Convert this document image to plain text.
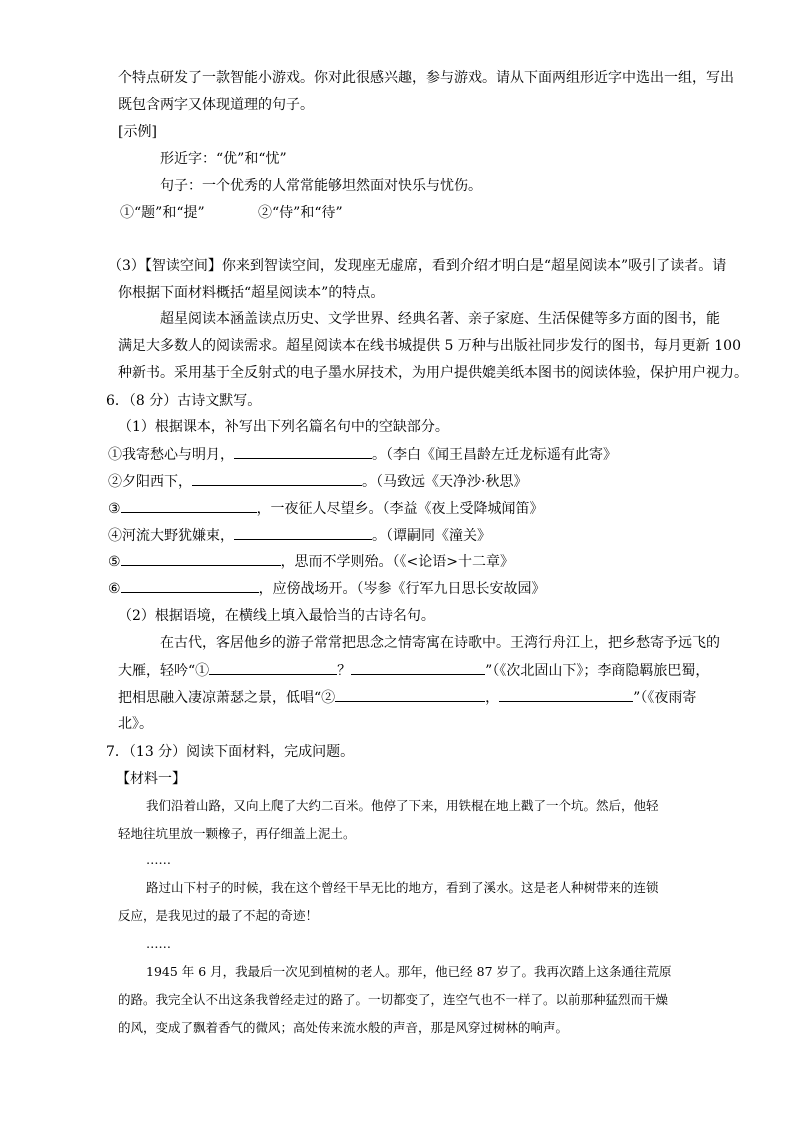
个特点研发了一款智能小游戏。你对此很感兴趣，参与游戏。请从下面两组形近字中选出一组，写出
既包含两字又体现道理的句子。
[示例]
形近字：“优”和“忧”
句子：一个优秀的人常常能够坦然面对快乐与忧伤。
①“题”和“提”	②“侍”和“待”
（3）【智读空间】你来到智读空间，发现座无虚席，看到介绍才明白是“超星阅读本”吸引了读者。请
你根据下面材料概括“超星阅读本”的特点。
超星阅读本涵盖读点历史、文学世界、经典名著、亲子家庭、生活保健等多方面的图书，能
满足大多数人的阅读需求。超星阅读本在线书城提供 5 万种与出版社同步发行的图书，每月更新 100
种新书。采用基于全反射式的电子墨水屏技术，为用户提供媲美纸本图书的阅读体验，保护用户视力。
6．（8 分）古诗文默写。
（1）根据课本，补写出下列名篇名句中的空缺部分。
①我寄愁心与明月，	。（李白《闻王昌龄左迁龙标遥有此寄》
②夕阳西下，	。（马致远《天净沙·秋思》
③	，一夜征人尽望乡。（李益《夜上受降城闻笛》
④河流大野犹嫌束，	。（谭嗣同《潼关》
⑤	，思而不学则殆。（《<论语>十二章》
⑥	，应傍战场开。（岑参《行军九日思长安故园》
（2）根据语境，在横线上填入最恰当的古诗名句。
在古代，客居他乡的游子常常把思念之情寄寓在诗歌中。王湾行舟江上，把乡愁寄予远飞的
大雁，轻吟“①	？	”（《次北固山下》；李商隐羁旅巴蜀，
把相思融入凄凉萧瑟之景，低唱“②	，	”（《夜雨寄
北》。
7．（13 分）阅读下面材料，完成问题。
【材料一】
我们沿着山路，又向上爬了大约二百米。他停了下来，用铁棍在地上戳了一个坑。然后，他轻
轻地往坑里放一颗橡子，再仔细盖上泥土。
……
路过山下村子的时候，我在这个曾经干旱无比的地方，看到了溪水。这是老人种树带来的连锁
反应，是我见过的最了不起的奇迹！
……
1945 年 6 月，我最后一次见到植树的老人。那年，他已经 87 岁了。我再次踏上这条通往荒原
的路。我完全认不出这条我曾经走过的路了。一切都变了，连空气也不一样了。以前那种猛烈而干燥
的风，变成了飘着香气的微风；高处传来流水般的声音，那是风穿过树林的响声。
